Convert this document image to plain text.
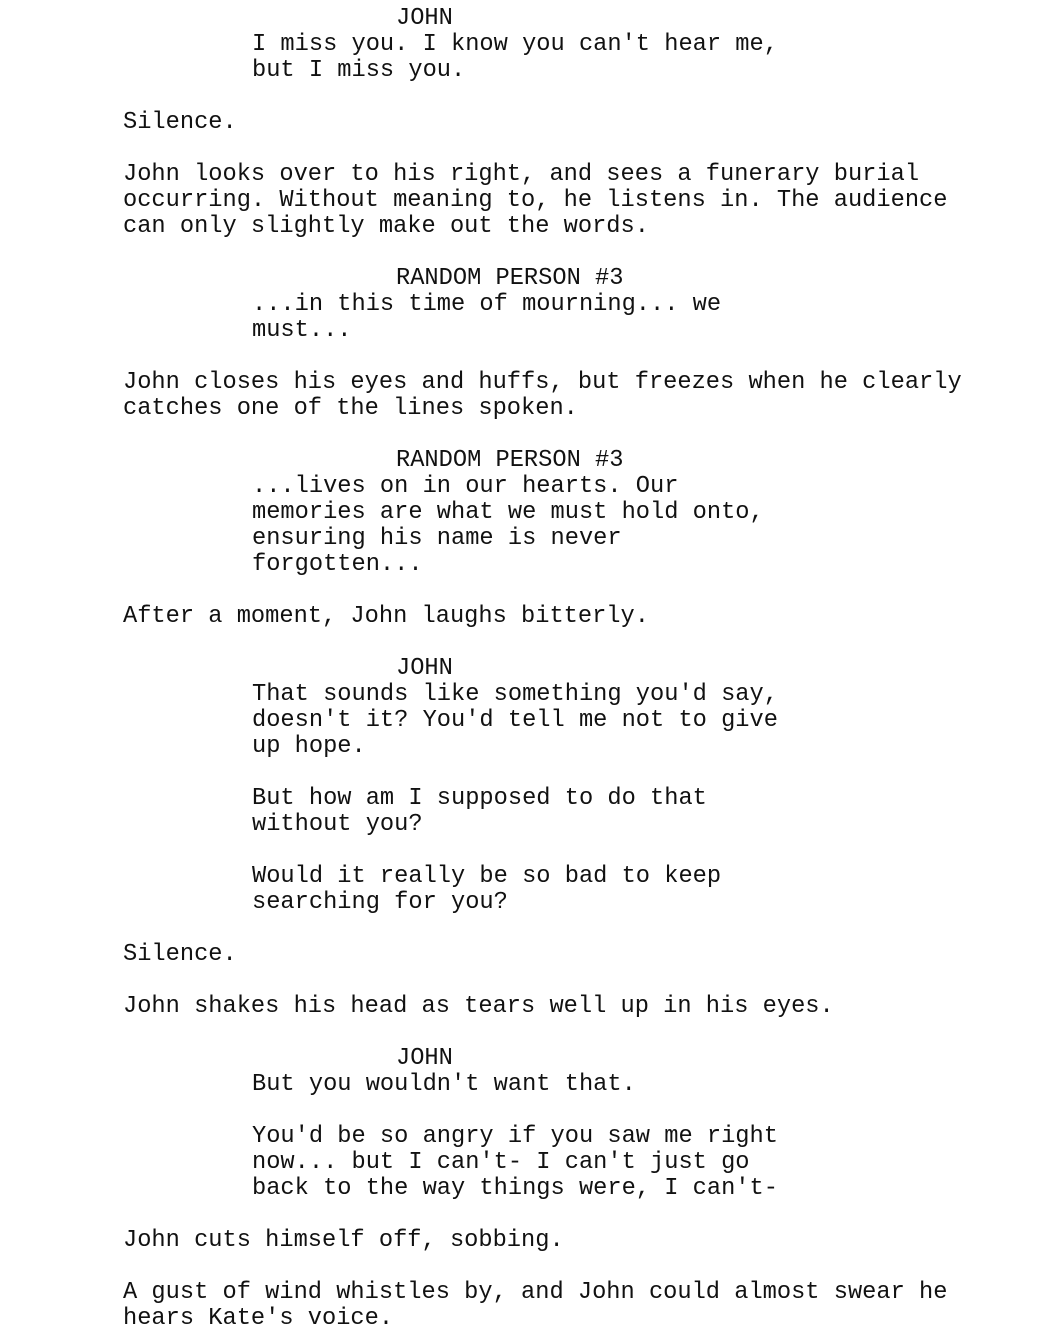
JOHN
I miss you. I know you can't hear me,
but I miss you.
Silence.
John looks over to his right, and sees a funerary burial
occurring. Without meaning to, he listens in. The audience
can only slightly make out the words.
RANDOM PERSON #3
...in this time of mourning... we
must...
John closes his eyes and huffs, but freezes when he clearly
catches one of the lines spoken.
RANDOM PERSON #3
...lives on in our hearts. Our
memories are what we must hold onto,
ensuring his name is never
forgotten...
After a moment, John laughs bitterly.
JOHN
That sounds like something you'd say,
doesn't it? You'd tell me not to give
up hope.
But how am I supposed to do that
without you?
Would it really be so bad to keep
searching for you?
Silence.
John shakes his head as tears well up in his eyes.
JOHN
But you wouldn't want that.
You'd be so angry if you saw me right
now... but I can't- I can't just go
back to the way things were, I can't-
John cuts himself off, sobbing.
A gust of wind whistles by, and John could almost swear he
hears Kate's voice.
